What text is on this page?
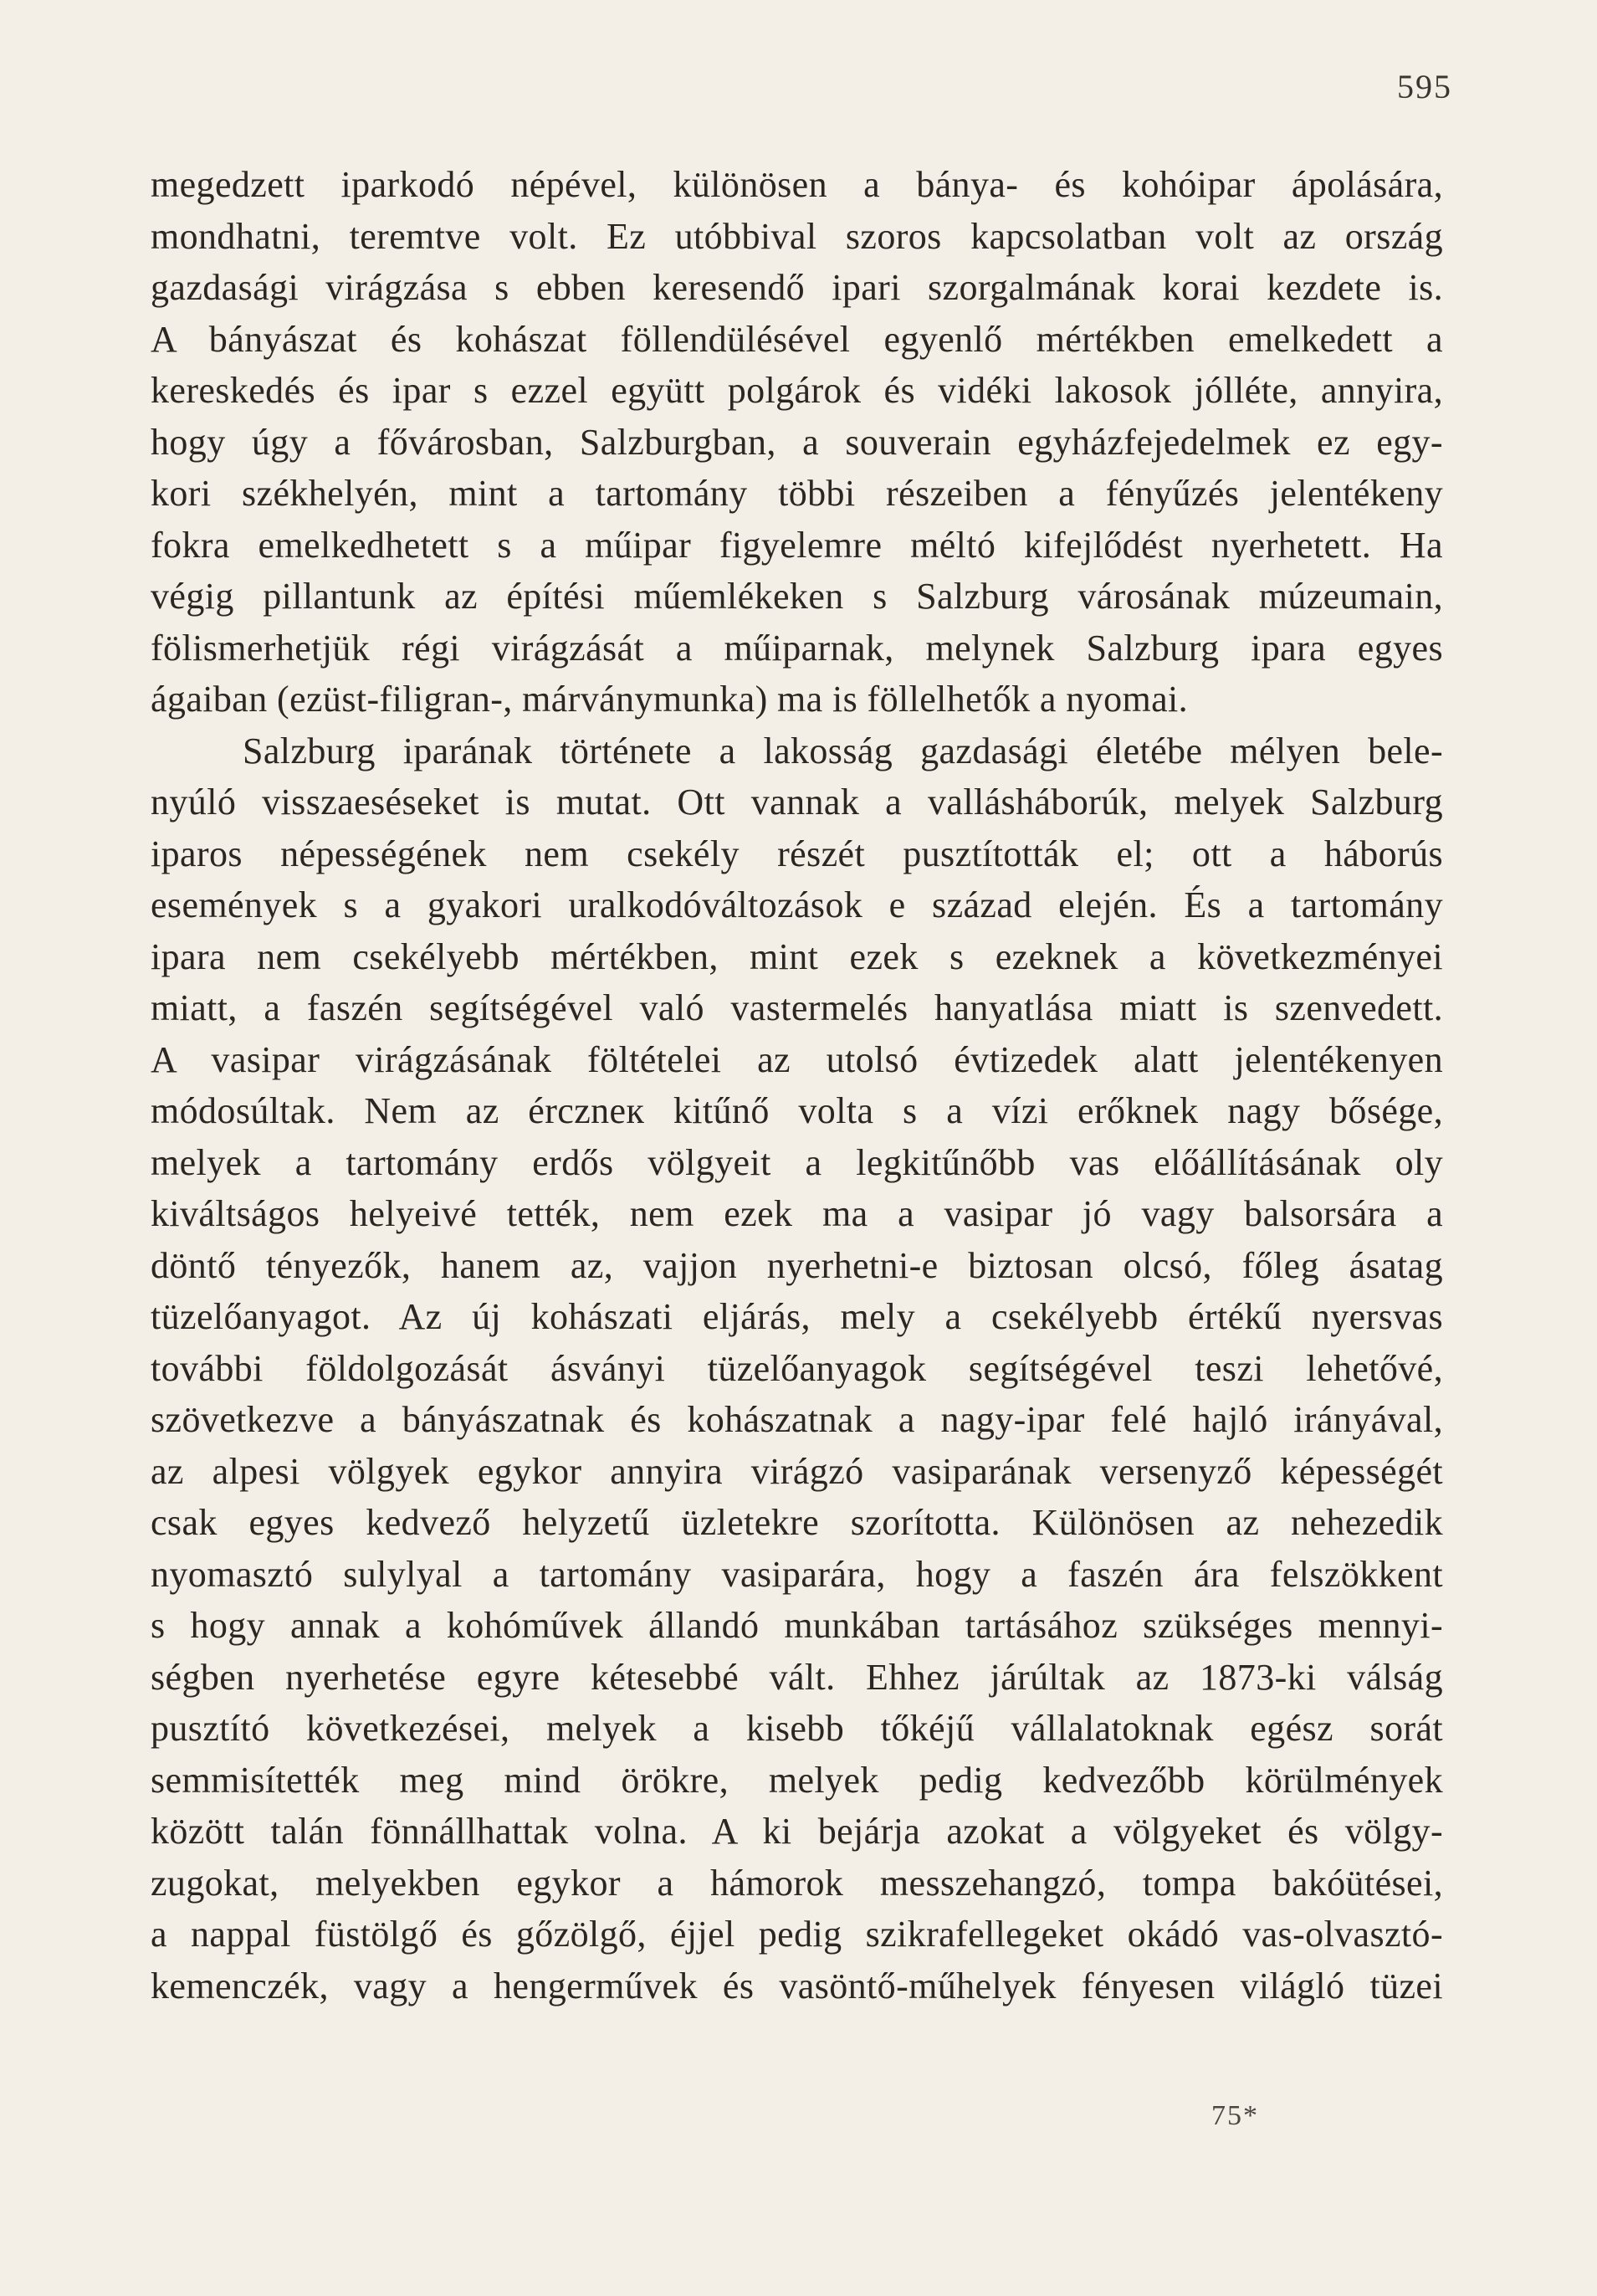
595
megedzett iparkodó népével, különösen a bánya- és kohóipar ápolására,
mondhatni, teremtve volt. Ez utóbbival szoros kapcsolatban volt az ország
gazdasági virágzása s ebben keresendő ipari szorgalmának korai kezdete is.
A bányászat és kohászat föllendülésével egyenlő mértékben emelkedett a
kereskedés és ipar s ezzel együtt polgárok és vidéki lakosok jólléte, annyira,
hogy úgy a fővárosban, Salzburgban, a souverain egyházfejedelmek ez egy-
kori székhelyén, mint a tartomány többi részeiben a fényűzés jelentékeny
fokra emelkedhetett s a műipar figyelemre méltó kifejlődést nyerhetett. Ha
végig pillantunk az építési műemlékeken s Salzburg városának múzeumain,
fölismerhetjük régi virágzását a műiparnak, melynek Salzburg ipara egyes
ágaiban (ezüst-filigran-, márványmunka) ma is föllelhetők a nyomai.
Salzburg iparának története a lakosság gazdasági életébe mélyen bele-
nyúló visszaeséseket is mutat. Ott vannak a vallásháborúk, melyek Salzburg
iparos népességének nem csekély részét pusztították el; ott a háborús
események s a gyakori uralkodóváltozások e század elején. És a tartomány
ipara nem csekélyebb mértékben, mint ezek s ezeknek a következményei
miatt, a faszén segítségével való vastermelés hanyatlása miatt is szenvedett.
A vasipar virágzásának föltételei az utolsó évtizedek alatt jelentékenyen
módosúltak. Nem az érczneк kitűnő volta s a vízi erőknek nagy bősége,
melyek a tartomány erdős völgyeit a legkitűnőbb vas előállításának oly
kiváltságos helyeivé tették, nem ezek ma a vasipar jó vagy balsorsára a
döntő tényezők, hanem az, vajjon nyerhetni-e biztosan olcsó, főleg ásatag
tüzelőanyagot. Az új kohászati eljárás, mely a csekélyebb értékű nyersvas
további földolgozását ásványi tüzelőanyagok segítségével teszi lehetővé,
szövetkezve a bányászatnak és kohászatnak a nagy-ipar felé hajló irányával,
az alpesi völgyek egykor annyira virágzó vasiparának versenyző képességét
csak egyes kedvező helyzetű üzletekre szorította. Különösen az nehezedik
nyomasztó sulylyal a tartomány vasiparára, hogy a faszén ára felszökkent
s hogy annak a kohóművek állandó munkában tartásához szükséges mennyi-
ségben nyerhetése egyre kétesebbé vált. Ehhez járúltak az 1873-ki válság
pusztító következései, melyek a kisebb tőkéjű vállalatoknak egész sorát
semmisítették meg mind örökre, melyek pedig kedvezőbb körülmények
között talán fönnállhattak volna. A ki bejárja azokat a völgyeket és völgy-
zugokat, melyekben egykor a hámorok messzehangzó, tompa bakóütései,
a nappal füstölgő és gőzölgő, éjjel pedig szikrafellegeket okádó vas-olvasztó-
kemenczék, vagy a hengerművek és vasöntő-műhelyek fényesen világló tüzei
75*
